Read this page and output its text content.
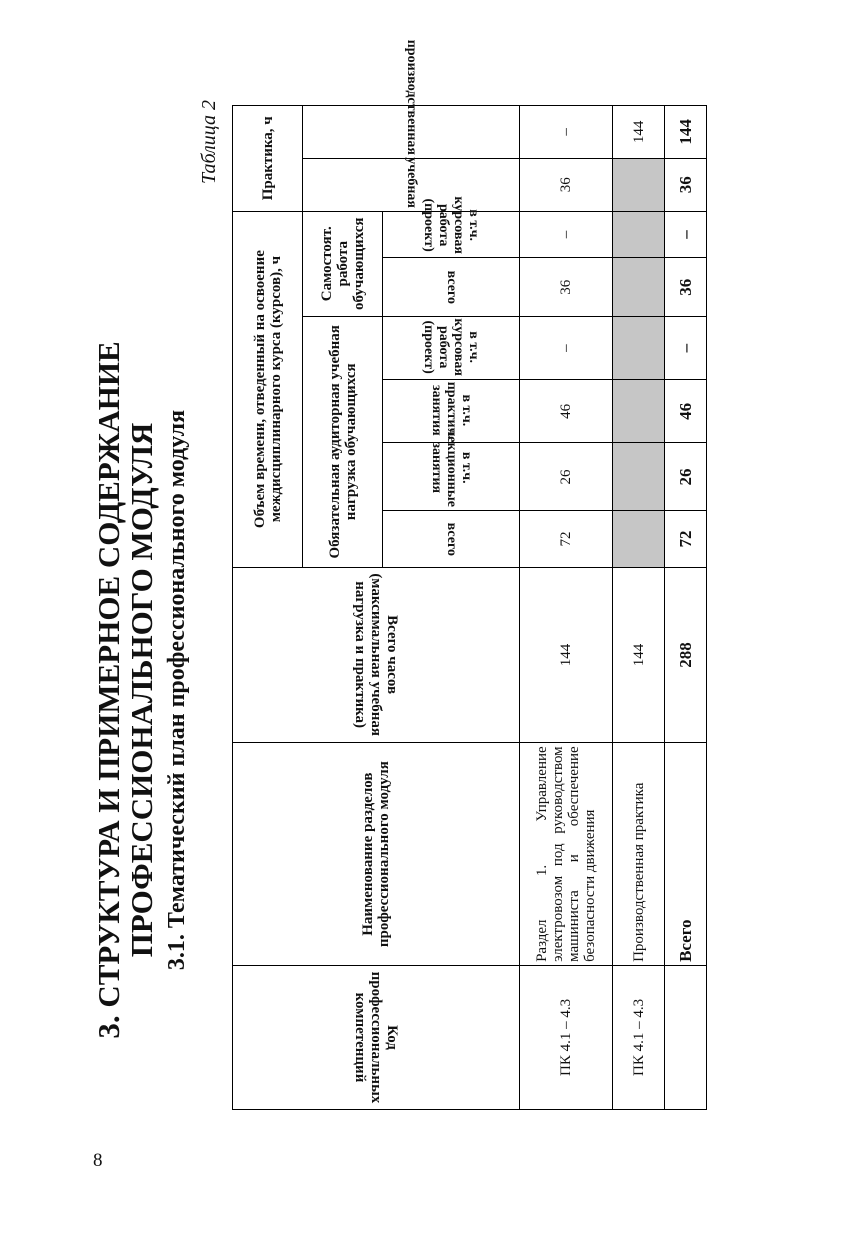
8
3. СТРУКТУРА И ПРИМЕРНОЕ СОДЕРЖАНИЕ ПРОФЕССИОНАЛЬНОГО МОДУЛЯ 3.1. Тематический план профессионального модуля
Таблица 2
Код профессиональных компетенций	Наименование разделов профессионального модуля	Всего часов (максимальная учебная нагрузка и практика)	Объем времени, отведенный на освоение междисциплинарного курса (курсов), ч						Практика, ч	
			Обязательная аудиторная учебная нагрузка обучающихся				Самостоят. работа обучающихся		учебная	производственная
			всего	в т.ч. лекционные занятия	в т.ч. практич. занятия	в т.ч. курсовая работа (проект)	всего	в т.ч. курсовая работа (проект)		
ПК 4.1 – 4.3	Раздел 1. Управление электровозом под руководством машиниста и обеспечение безопасности движения	144	72	26	46	–	36	–	36	–
ПК 4.1 – 4.3	Производственная практика	144								144
	Всего	288	72	26	46	–	36	–	36	144
